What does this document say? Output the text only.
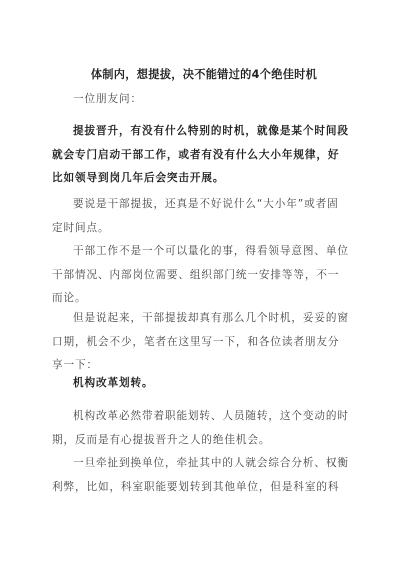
体制内，想提拔，决不能错过的4个绝佳时机
一位朋友问：
提拔晋升，有没有什么特别的时机，就像是某个时间段
就会专门启动干部工作，或者有没有什么大小年规律，好
比如领导到岗几年后会突击开展。
要说是干部提拔，还真是不好说什么“大小年”或者固
定时间点。
干部工作不是一个可以量化的事，得看领导意图、单位
干部情况、内部岗位需要、组织部门统一安排等等，不一
而论。
但是说起来，干部提拔却真有那么几个时机，妥妥的窗
口期，机会不少，笔者在这里写一下，和各位读者朋友分
享一下：
机构改革划转。
机构改革必然带着职能划转、人员随转，这个变动的时
期，反而是有心提拔晋升之人的绝佳机会。
一旦牵扯到换单位，牵扯其中的人就会综合分析、权衡
利弊，比如，科室职能要划转到其他单位，但是科室的科
